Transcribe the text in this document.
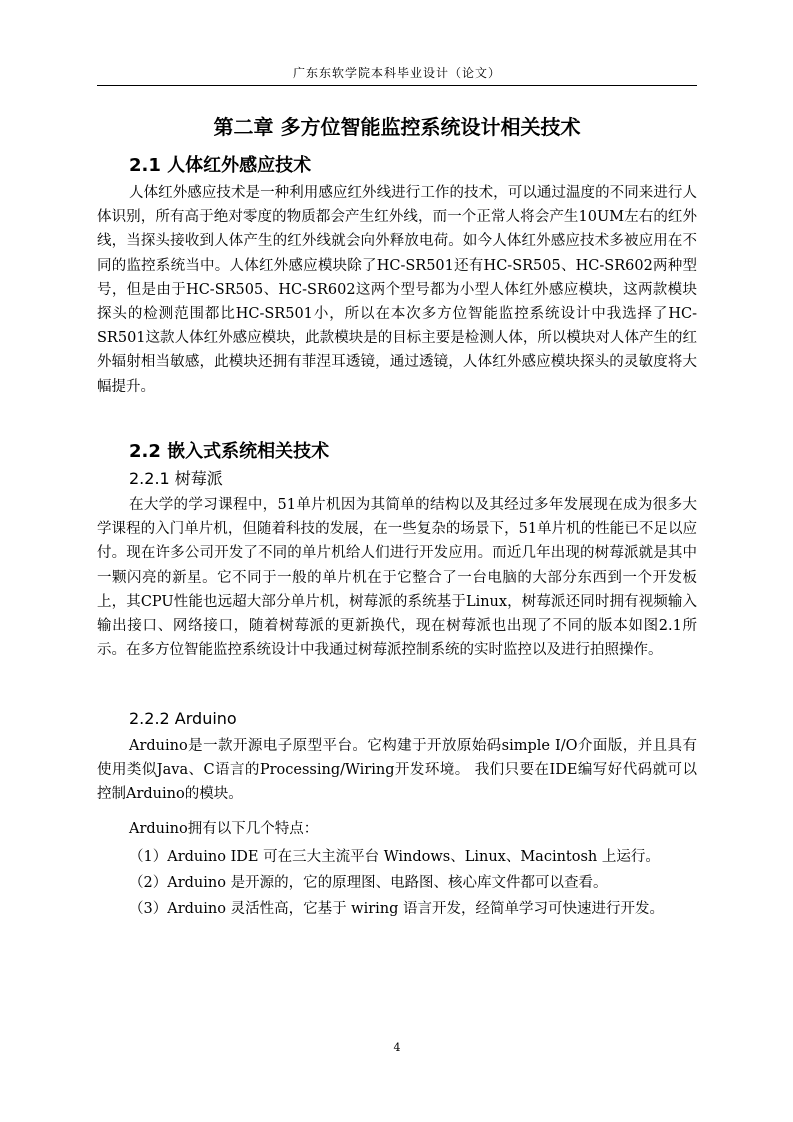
广东东软学院本科毕业设计（论文）
第二章 多方位智能监控系统设计相关技术
2.1 人体红外感应技术
人体红外感应技术是一种利用感应红外线进行工作的技术，可以通过温度的不同来进行人体识别，所有高于绝对零度的物质都会产生红外线，而一个正常人将会产生10UM左右的红外线，当探头接收到人体产生的红外线就会向外释放电荷。如今人体红外感应技术多被应用在不同的监控系统当中。人体红外感应模块除了HC-SR501还有HC-SR505、HC-SR602两种型号，但是由于HC-SR505、HC-SR602这两个型号都为小型人体红外感应模块，这两款模块探头的检测范围都比HC-SR501小，所以在本次多方位智能监控系统设计中我选择了HC-SR501这款人体红外感应模块，此款模块是的目标主要是检测人体，所以模块对人体产生的红外辐射相当敏感，此模块还拥有菲涅耳透镜，通过透镜，人体红外感应模块探头的灵敏度将大幅提升。
2.2 嵌入式系统相关技术
2.2.1 树莓派
在大学的学习课程中，51单片机因为其简单的结构以及其经过多年发展现在成为很多大学课程的入门单片机，但随着科技的发展，在一些复杂的场景下，51单片机的性能已不足以应付。现在许多公司开发了不同的单片机给人们进行开发应用。而近几年出现的树莓派就是其中一颗闪亮的新星。它不同于一般的单片机在于它整合了一台电脑的大部分东西到一个开发板上，其CPU性能也远超大部分单片机，树莓派的系统基于Linux，树莓派还同时拥有视频输入输出接口、网络接口，随着树莓派的更新换代，现在树莓派也出现了不同的版本如图2.1所示。在多方位智能监控系统设计中我通过树莓派控制系统的实时监控以及进行拍照操作。
2.2.2 Arduino
Arduino是一款开源电子原型平台。它构建于开放原始码simple I/O介面版，并且具有使用类似Java、C语言的Processing/Wiring开发环境。 我们只要在IDE编写好代码就可以控制Arduino的模块。
Arduino拥有以下几个特点：
（1）Arduino IDE 可在三大主流平台 Windows、Linux、Macintosh 上运行。
（2）Arduino 是开源的，它的原理图、电路图、核心库文件都可以查看。
（3）Arduino 灵活性高，它基于 wiring 语言开发，经简单学习可快速进行开发。
4
